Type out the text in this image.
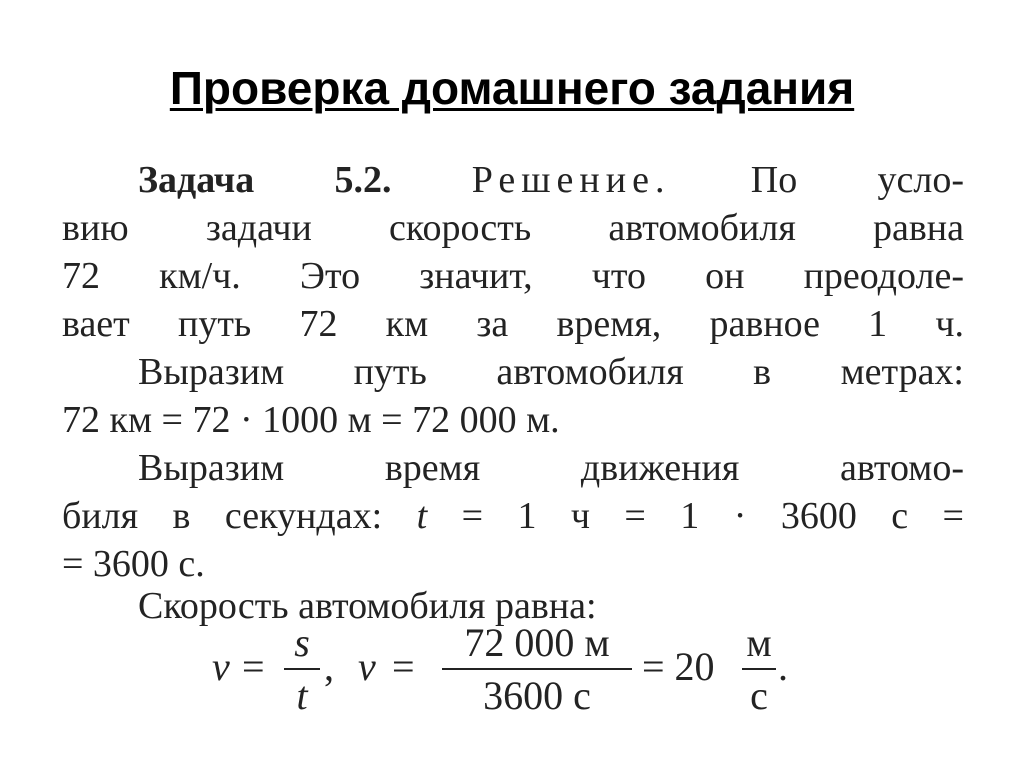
Проверка домашнего задания
Задача 5.2. Решение. По усло-
вию задачи скорость автомобиля равна
72 км/ч. Это значит, что он преодоле-
вает путь 72 км за время, равное 1 ч.
Выразим путь автомобиля в метрах:
72 км = 72 · 1000 м = 72 000 м.
Выразим время движения автомо-
биля в секундах: t = 1 ч = 1 · 3600 с =
= 3600 с.
Скорость автомобиля равна:
v =
s
t
, v =
72 000 м
3600 с
= 20
м
с
.
